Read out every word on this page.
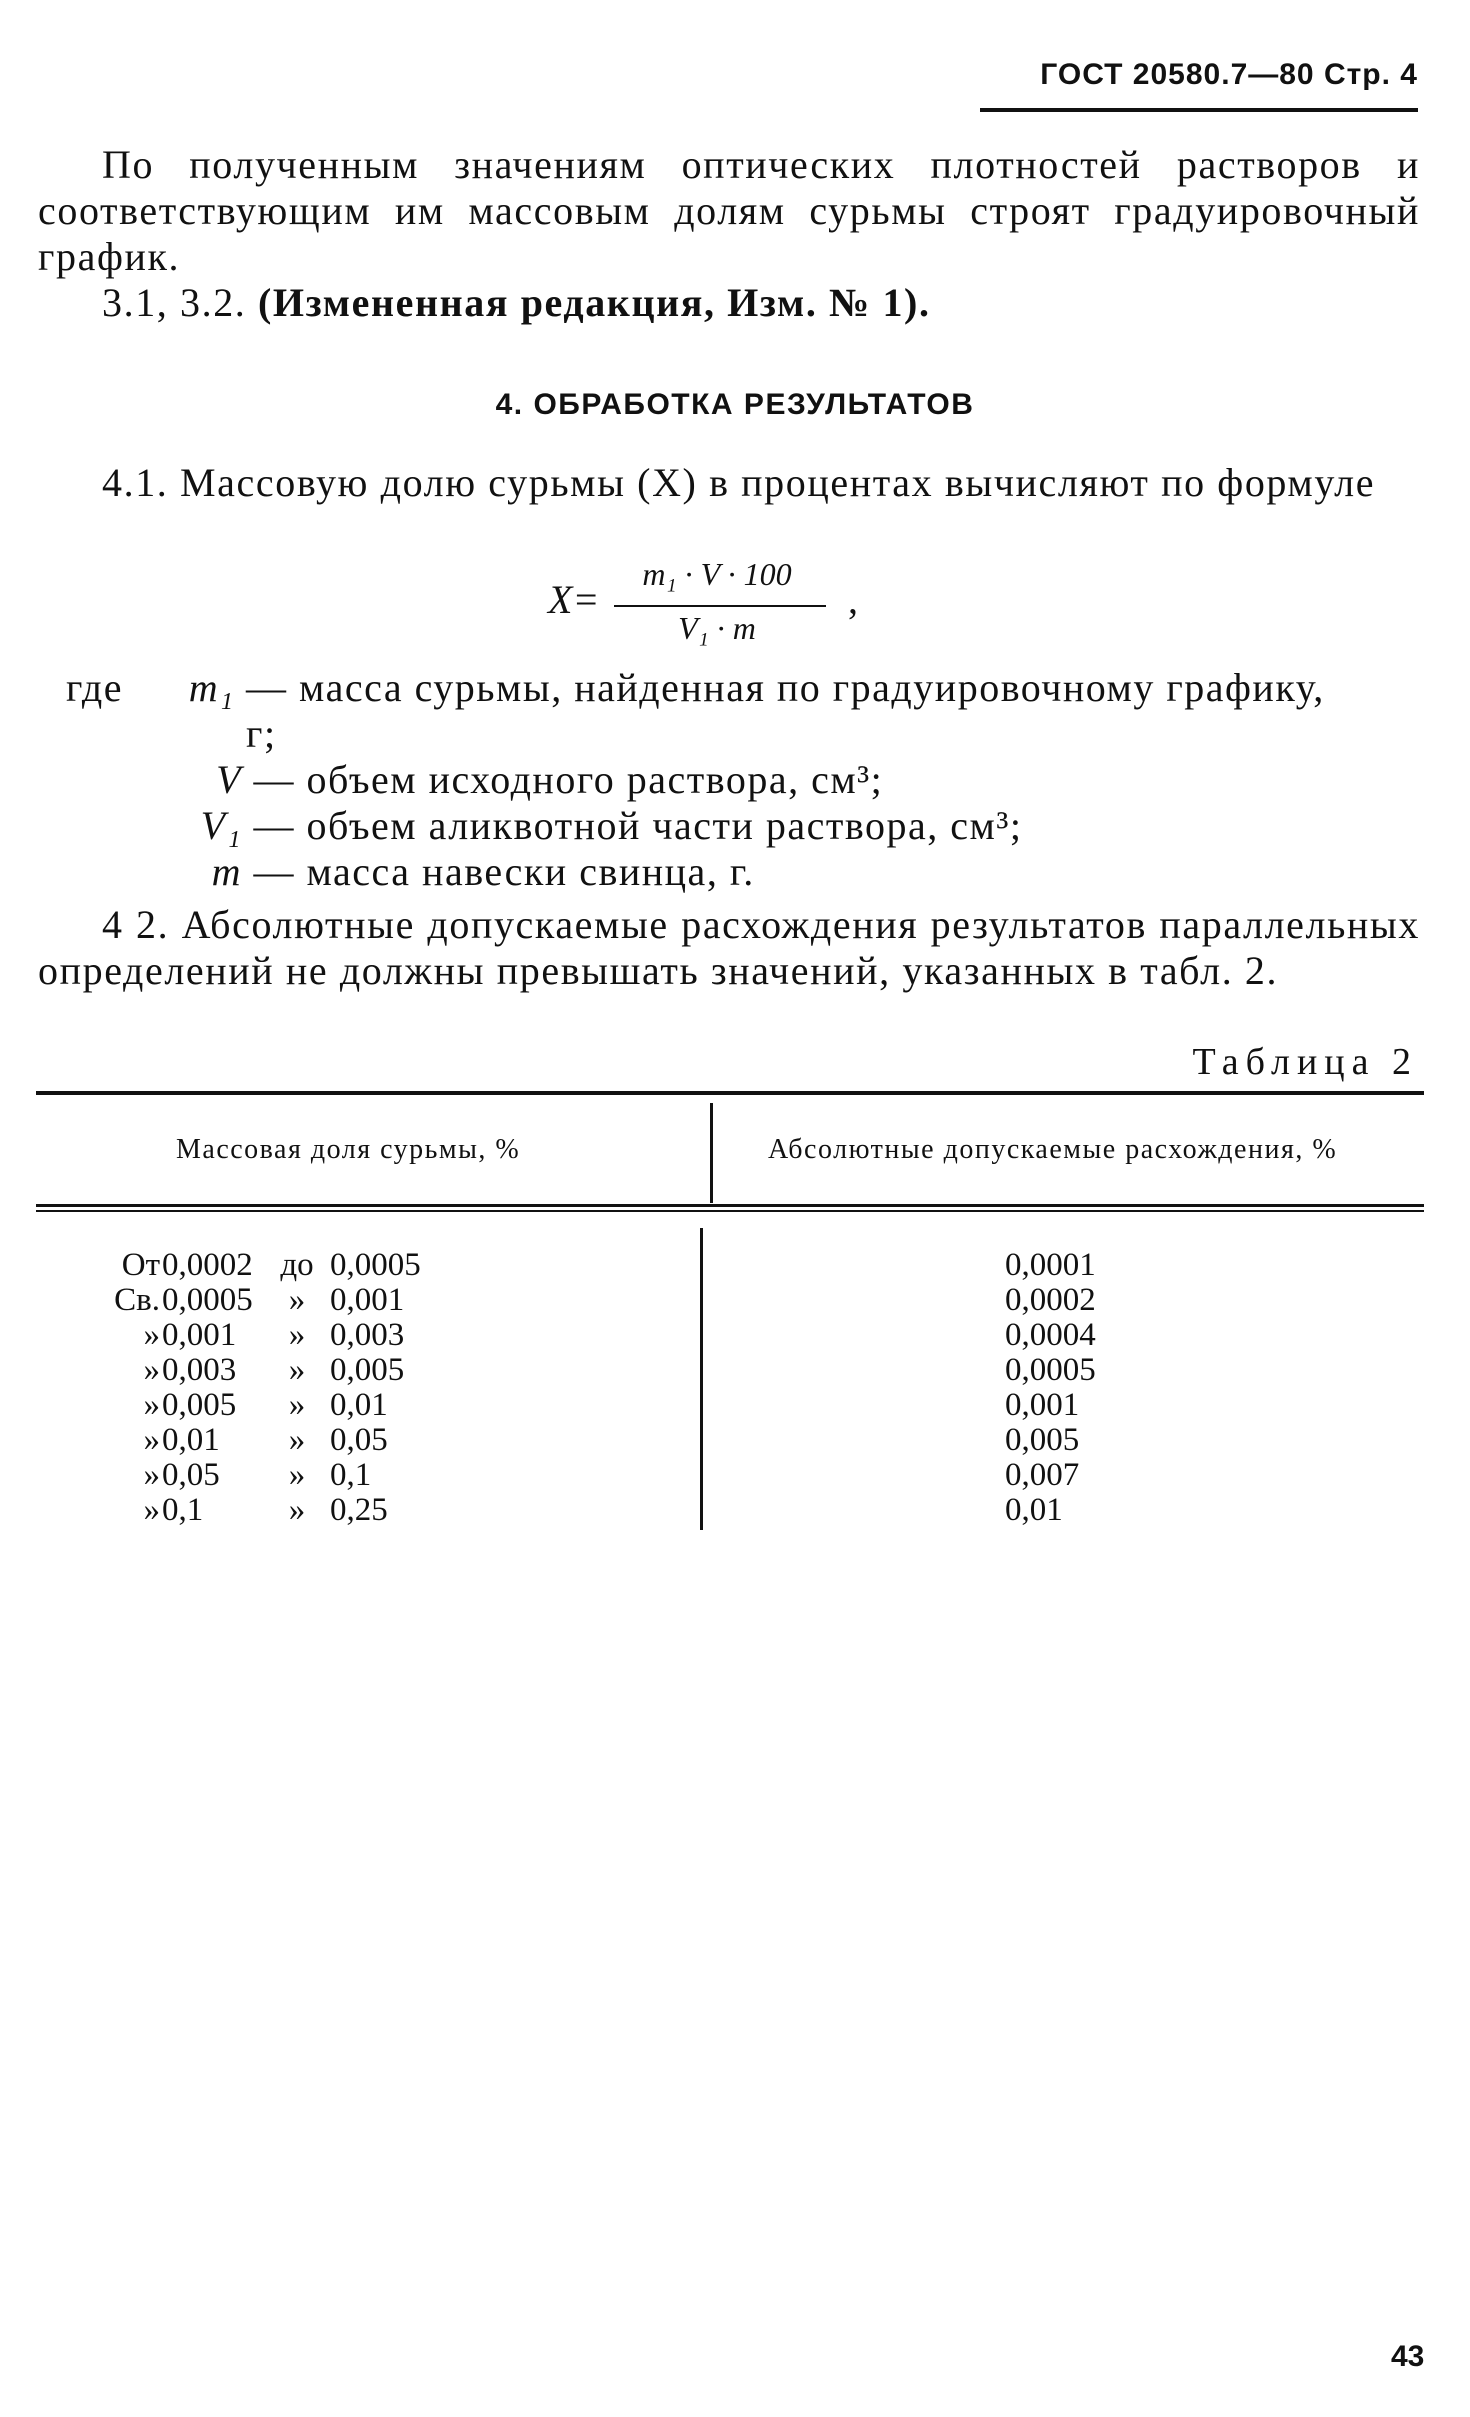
ГОСТ 20580.7—80 Стр. 4
По полученным значениям оптических плотностей растворов и соответствующим им массовым долям сурьмы строят градуировочный график.
3.1, 3.2. (Измененная редакция, Изм. № 1).
4. ОБРАБОТКА РЕЗУЛЬТАТОВ
4.1. Массовую долю сурьмы (X) в процентах вычисляют по формуле
X=
m₁ · V · 100
V₁ · m
,
где m₁ — масса сурьмы, найденная по градуировочному графику, г;
V — объем исходного раствора, см³;
V₁ — объем аликвотной части раствора, см³;
m — масса навески свинца, г.
4 2. Абсолютные допускаемые расхождения результатов параллельных определений не должны превышать значений, указанных в табл. 2.
Таблица 2
Массовая доля сурьмы, %	Абсолютные допускаемые расхождения, %
От 0,0002 до 0,0005	0,0001
Св. 0,0005	» 0,001	0,0002
» 0,001	» 0,003	0,0004
» 0,003	» 0,005	0,0005
» 0,005	» 0,01	0,001
» 0,01	» 0,05	0,005
» 0,05	» 0,1	0,007
» 0,1	» 0,25	0,01
43
